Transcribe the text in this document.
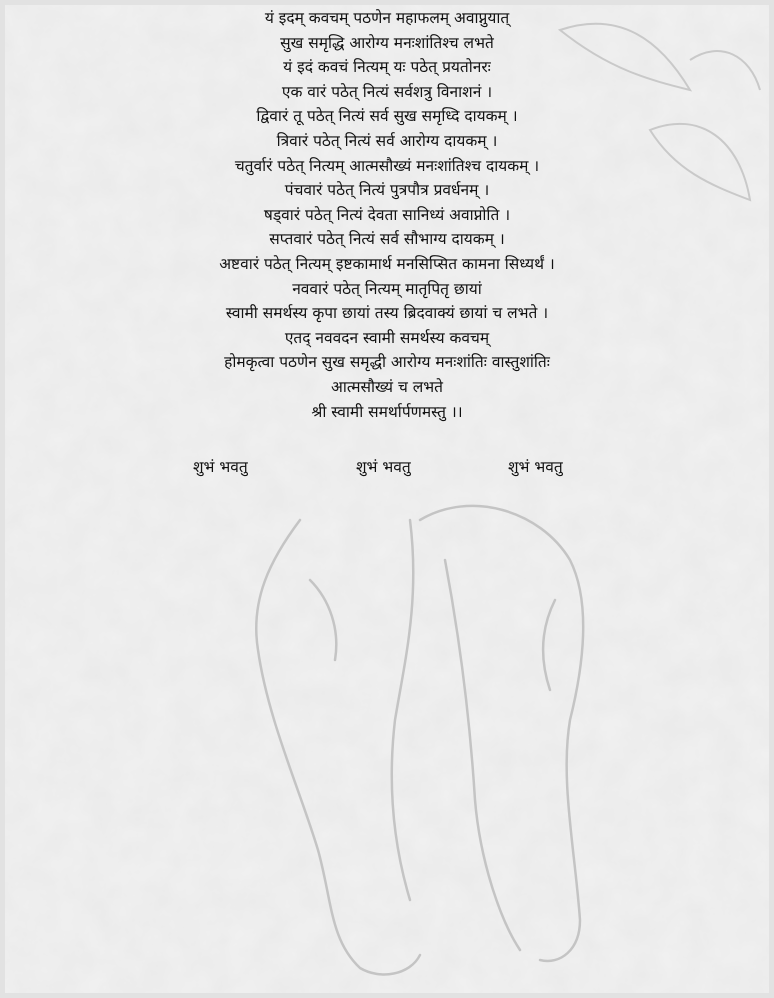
यं इदम् कवचम् पठणेन महाफलम् अवाप्नुयात्

सुख समृद्धि आरोग्य मनःशांतिश्च लभते

यं इदं कवचं नित्यम् यः पठेत् प्रयतोनरः

एक वारं पठेत् नित्यं सर्वशत्रु विनाशनं ।

द्विवारं तू पठेत् नित्यं सर्व सुख समृध्दि दायकम् ।

त्रिवारं पठेत् नित्यं सर्व आरोग्य दायकम् ।

चतुर्वारं पठेत् नित्यम् आत्मसौख्यं मनःशांतिश्च दायकम् ।

पंचवारं पठेत् नित्यं पुत्रपौत्र प्रवर्धनम् ।

षड्वारं पठेत् नित्यं देवता सानिध्यं अवाप्नोति ।

सप्तवारं पठेत् नित्यं सर्व सौभाग्य दायकम् ।

अष्टवारं पठेत् नित्यम् इष्टकामार्थ मनसिप्सित कामना सिध्यर्थं ।

नववारं पठेत् नित्यम् मातृपितृ छायां

स्वामी समर्थस्य कृपा छायां तस्य ब्रिदवाक्यं छायां च लभते ।

एतद् नववदन स्वामी समर्थस्य कवचम्

होमकृत्वा पठणेन सुख समृद्धी आरोग्य मनःशांतिः वास्तुशांतिः

आत्मसौख्यं च लभते

श्री स्वामी समर्थार्पणमस्तु ।।

शुभं भवतु	शुभं भवतु	शुभं भवतु
